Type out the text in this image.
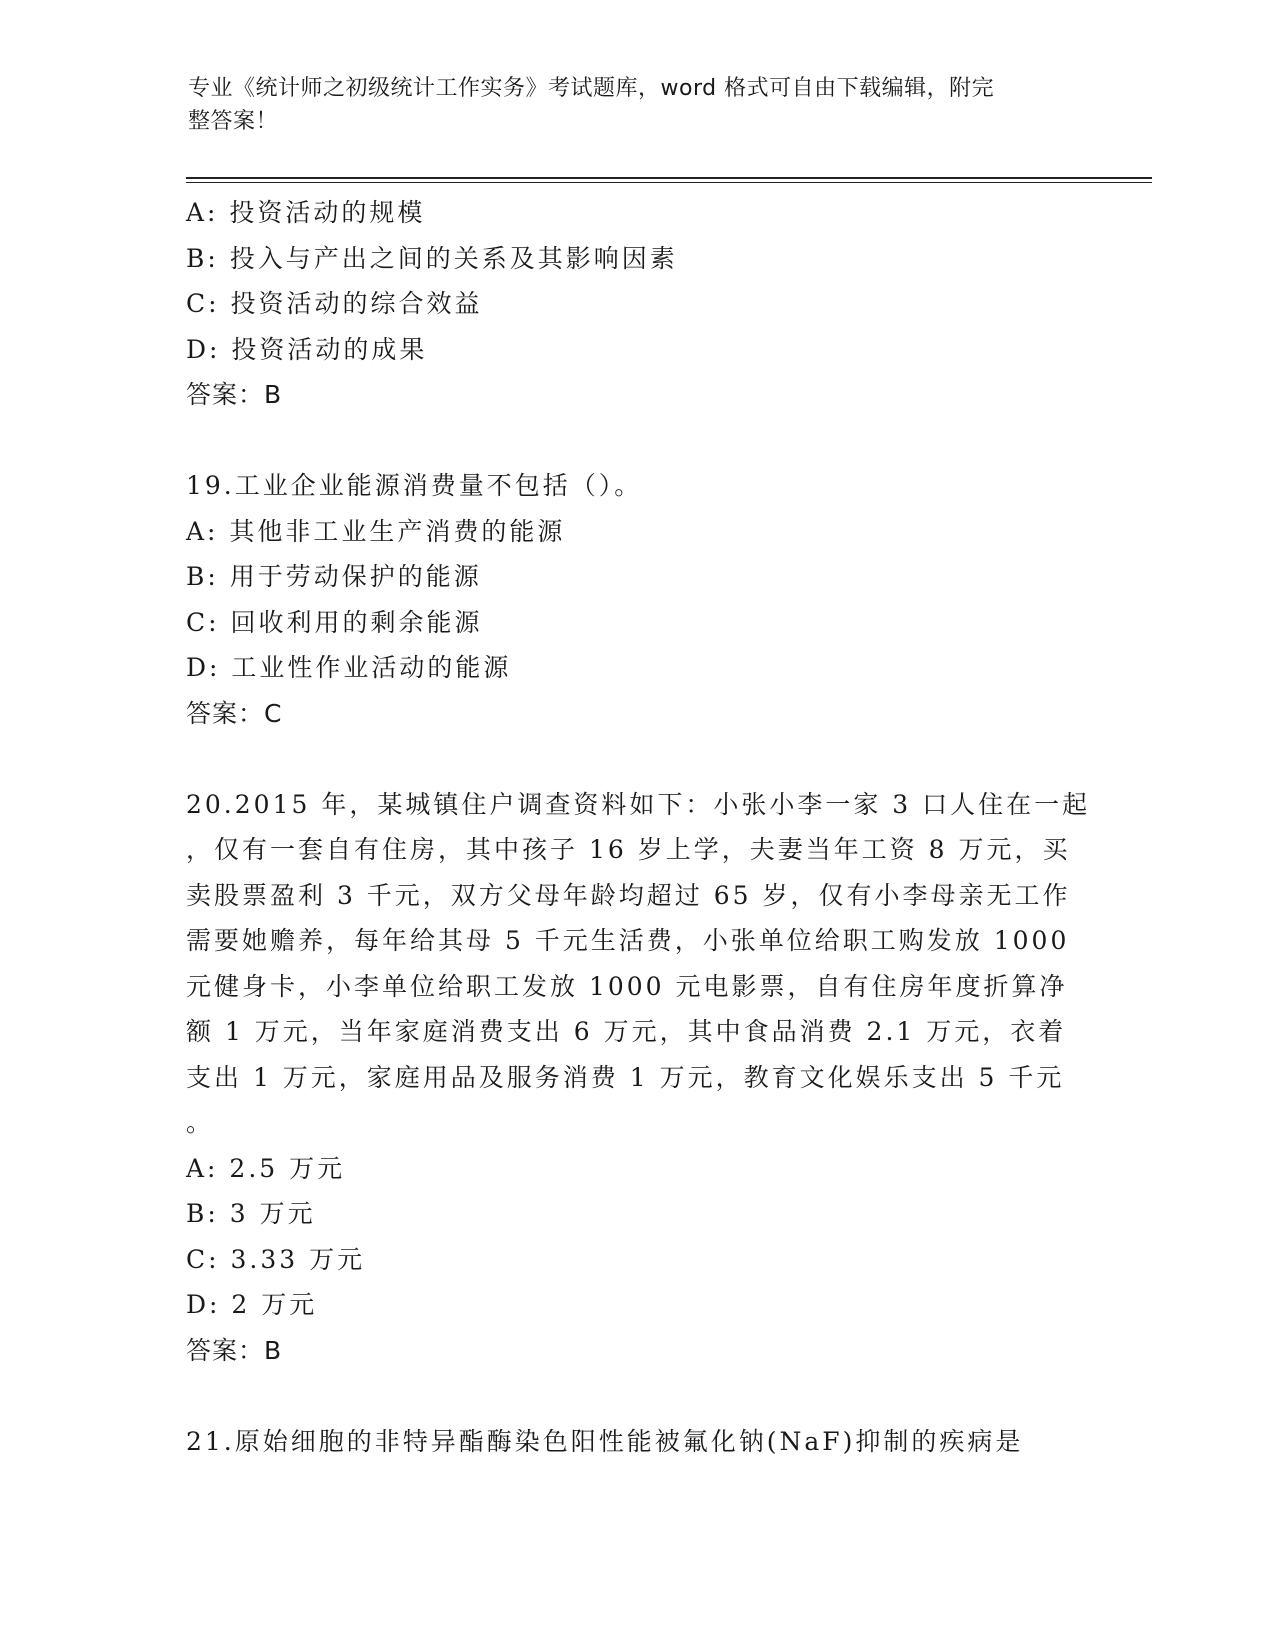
专业《统计师之初级统计工作实务》考试题库，word 格式可自由下载编辑，附完
整答案！
A: 投资活动的规模
B: 投入与产出之间的关系及其影响因素
C: 投资活动的综合效益
D: 投资活动的成果
答案：B
19.工业企业能源消费量不包括（）。
A: 其他非工业生产消费的能源
B: 用于劳动保护的能源
C: 回收利用的剩余能源
D: 工业性作业活动的能源
答案：C
20.2015 年，某城镇住户调查资料如下：小张小李一家 3 口人住在一起
，仅有一套自有住房，其中孩子 16 岁上学，夫妻当年工资 8 万元，买
卖股票盈利 3 千元，双方父母年龄均超过 65 岁，仅有小李母亲无工作
需要她赡养，每年给其母 5 千元生活费，小张单位给职工购发放 1000
元健身卡，小李单位给职工发放 1000 元电影票，自有住房年度折算净
额 1 万元，当年家庭消费支出 6 万元，其中食品消费 2.1 万元，衣着
支出 1 万元，家庭用品及服务消费 1 万元，教育文化娱乐支出 5 千元
。
A: 2.5 万元
B: 3 万元
C: 3.33 万元
D: 2 万元
答案：B
21.原始细胞的非特异酯酶染色阳性能被氟化钠(NaF)抑制的疾病是
